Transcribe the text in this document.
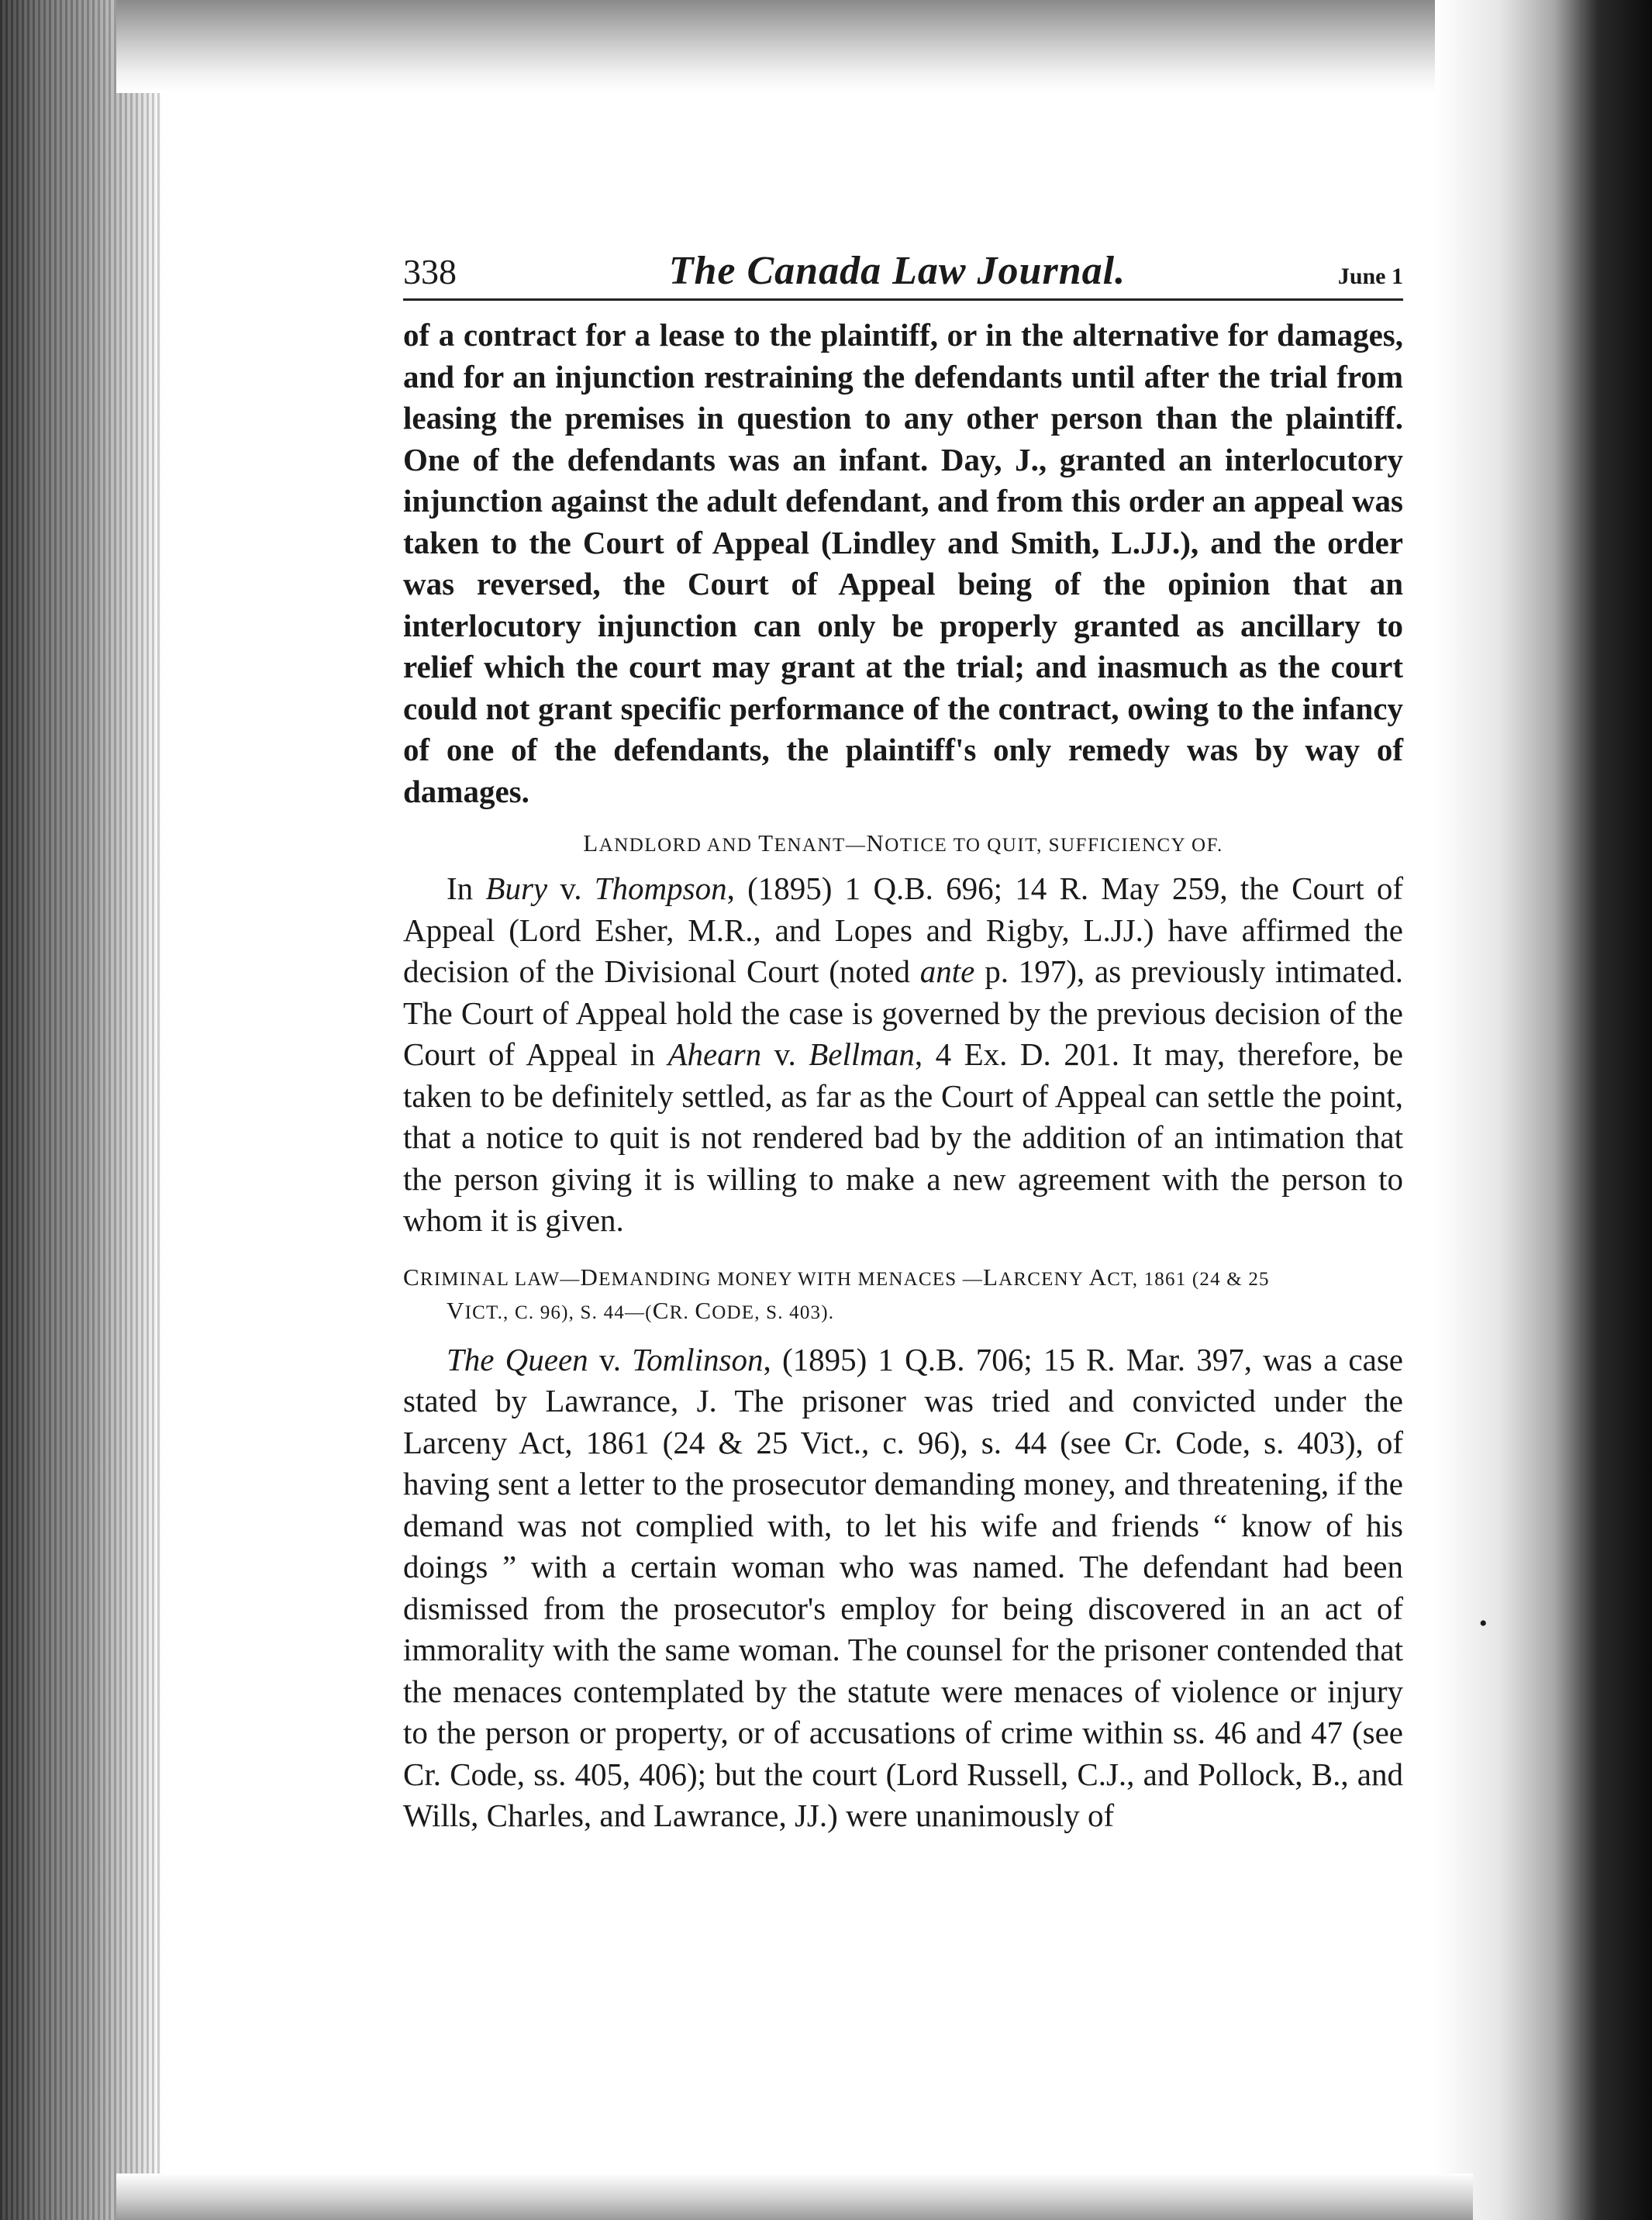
338	The Canada Law Journal.	June 1

of a contract for a lease to the plaintiff, or in the alternative for damages, and for an injunction restraining the defendants until after the trial from leasing the premises in question to any other person than the plaintiff. One of the defendants was an infant. Day, J., granted an interlocutory injunction against the adult defendant, and from this order an appeal was taken to the Court of Appeal (Lindley and Smith, L.JJ.), and the order was reversed, the Court of Appeal being of the opinion that an interlocutory injunction can only be properly granted as ancillary to relief which the court may grant at the trial; and inasmuch as the court could not grant specific performance of the contract, owing to the infancy of one of the defendants, the plaintiff's only remedy was by way of damages.

LANDLORD AND TENANT—NOTICE TO QUIT, SUFFICIENCY OF.

In Bury v. Thompson, (1895) 1 Q.B. 696; 14 R. May 259, the Court of Appeal (Lord Esher, M.R., and Lopes and Rigby, L.JJ.) have affirmed the decision of the Divisional Court (noted ante p. 197), as previously intimated. The Court of Appeal hold the case is governed by the previous decision of the Court of Appeal in Ahearn v. Bellman, 4 Ex. D. 201. It may, therefore, be taken to be definitely settled, as far as the Court of Appeal can settle the point, that a notice to quit is not rendered bad by the addition of an intimation that the person giving it is willing to make a new agreement with the person to whom it is given.

CRIMINAL LAW—DEMANDING MONEY WITH MENACES —LARCENY ACT, 1861 (24 & 25
VICT., C. 96), S. 44—(CR. CODE, S. 403).

The Queen v. Tomlinson, (1895) 1 Q.B. 706; 15 R. Mar. 397, was a case stated by Lawrance, J. The prisoner was tried and convicted under the Larceny Act, 1861 (24 & 25 Vict., c. 96), s. 44 (see Cr. Code, s. 403), of having sent a letter to the prosecutor demanding money, and threatening, if the demand was not complied with, to let his wife and friends “ know of his doings ” with a certain woman who was named. The defendant had been dismissed from the prosecutor's employ for being discovered in an act of immorality with the same woman. The counsel for the prisoner contended that the menaces contemplated by the statute were menaces of violence or injury to the person or property, or of accusations of crime within ss. 46 and 47 (see Cr. Code, ss. 405, 406); but the court (Lord Russell, C.J., and Pollock, B., and Wills, Charles, and Lawrance, JJ.) were unanimously of

•
